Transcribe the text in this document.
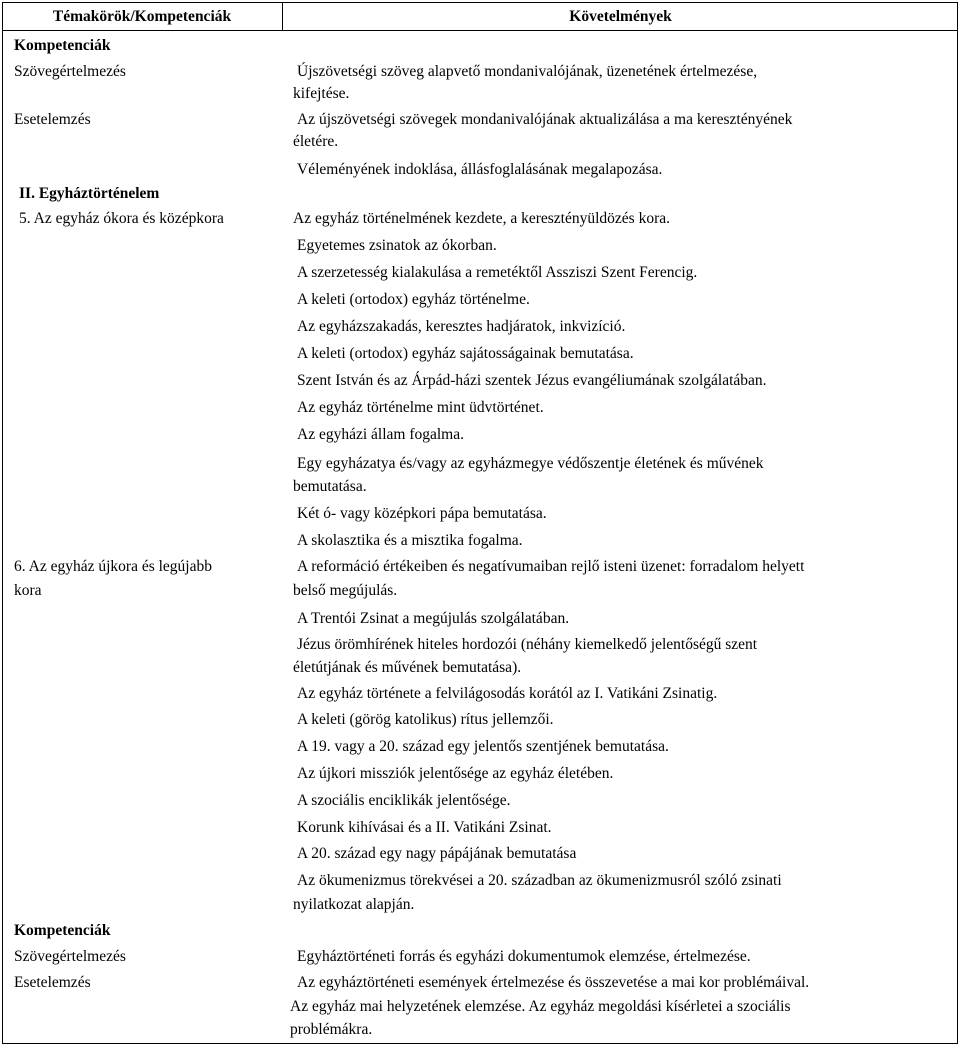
Témakörök/Kompetenciák	Követelmények
Kompetenciák
Szövegértelmezés
Esetelemzés
II. Egyháztörténelem
5. Az egyház ókora és középkora
6. Az egyház újkora és legújabb
kora
Kompetenciák
Szövegértelmezés
Esetelemzés
Újszövetségi szöveg alapvető mondanivalójának, üzenetének értelmezése,
kifejtése.
Az újszövetségi szövegek mondanivalójának aktualizálása a ma keresztényének
életére.
Véleményének indoklása, állásfoglalásának megalapozása.
Az egyház történelmének kezdete, a keresztényüldözés kora.
Egyetemes zsinatok az ókorban.
A szerzetesség kialakulása a remetéktől Assziszi Szent Ferencig.
A keleti (ortodox) egyház történelme.
Az egyházszakadás, keresztes hadjáratok, inkvizíció.
A keleti (ortodox) egyház sajátosságainak bemutatása.
Szent István és az Árpád-házi szentek Jézus evangéliumának szolgálatában.
Az egyház történelme mint üdvtörténet.
Az egyházi állam fogalma.
Egy egyházatya és/vagy az egyházmegye védőszentje életének és művének
bemutatása.
Két ó- vagy középkori pápa bemutatása.
A skolasztika és a misztika fogalma.
A reformáció értékeiben és negatívumaiban rejlő isteni üzenet: forradalom helyett
belső megújulás.
A Trentói Zsinat a megújulás szolgálatában.
Jézus örömhírének hiteles hordozói (néhány kiemelkedő jelentőségű szent
életútjának és művének bemutatása).
Az egyház története a felvilágosodás korától az I. Vatikáni Zsinatig.
A keleti (görög katolikus) rítus jellemzői.
A 19. vagy a 20. század egy jelentős szentjének bemutatása.
Az újkori missziók jelentősége az egyház életében.
A szociális enciklikák jelentősége.
Korunk kihívásai és a II. Vatikáni Zsinat.
A 20. század egy nagy pápájának bemutatása
Az ökumenizmus törekvései a 20. században az ökumenizmusról szóló zsinati
nyilatkozat alapján.
Egyháztörténeti forrás és egyházi dokumentumok elemzése, értelmezése.
Az egyháztörténeti események értelmezése és összevetése a mai kor problémáival.
Az egyház mai helyzetének elemzése. Az egyház megoldási kísérletei a szociális
problémákra.
